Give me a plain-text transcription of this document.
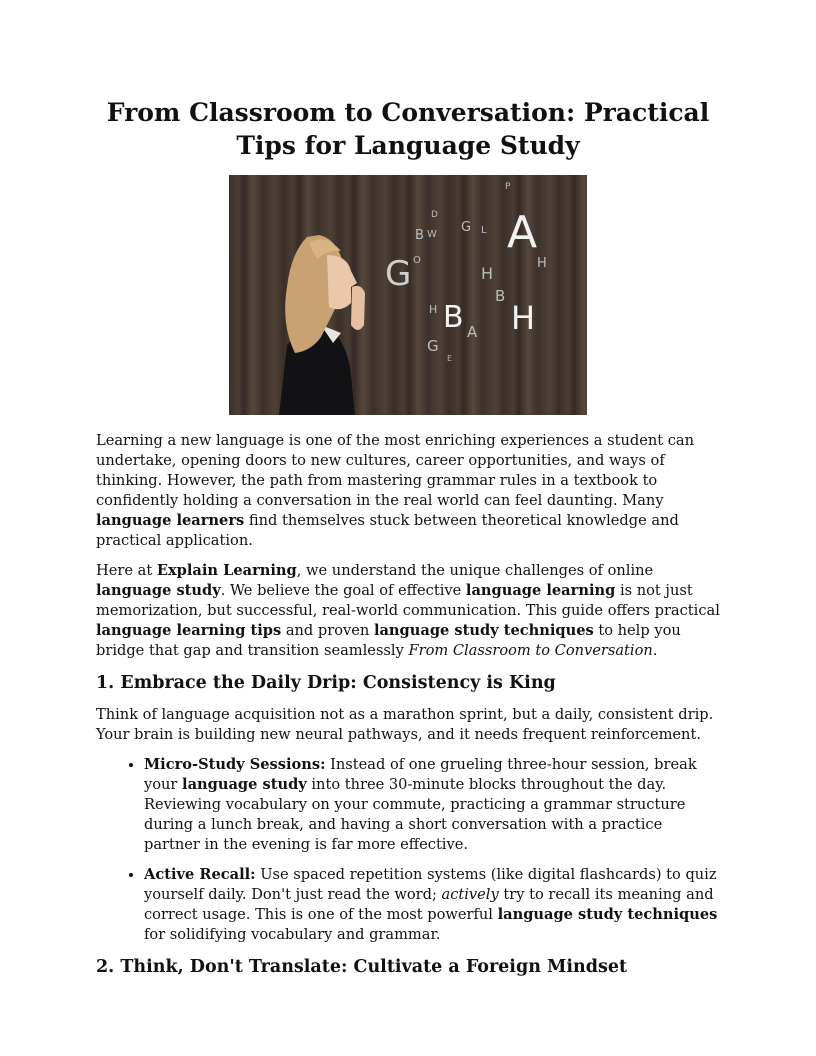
From Classroom to Conversation: Practical Tips for Language Study
A
B H
G	H
B
A
G
H
B W G L
O
D
E
P
H

Learning a new language is one of the most enriching experiences a student can undertake, opening doors to new cultures, career opportunities, and ways of thinking. However, the path from mastering grammar rules in a textbook to confidently holding a conversation in the real world can feel daunting. Many language learners find themselves stuck between theoretical knowledge and practical application.

Here at Explain Learning, we understand the unique challenges of online language study. We believe the goal of effective language learning is not just memorization, but successful, real-world communication. This guide offers practical language learning tips and proven language study techniques to help you bridge that gap and transition seamlessly From Classroom to Conversation.

1. Embrace the Daily Drip: Consistency is King

Think of language acquisition not as a marathon sprint, but a daily, consistent drip. Your brain is building new neural pathways, and it needs frequent reinforcement.

• Micro-Study Sessions: Instead of one grueling three-hour session, break your language study into three 30-minute blocks throughout the day. Reviewing vocabulary on your commute, practicing a grammar structure during a lunch break, and having a short conversation with a practice partner in the evening is far more effective.
• Active Recall: Use spaced repetition systems (like digital flashcards) to quiz yourself daily. Don't just read the word; actively try to recall its meaning and correct usage. This is one of the most powerful language study techniques for solidifying vocabulary and grammar.
2. Think, Don't Translate: Cultivate a Foreign Mindset
